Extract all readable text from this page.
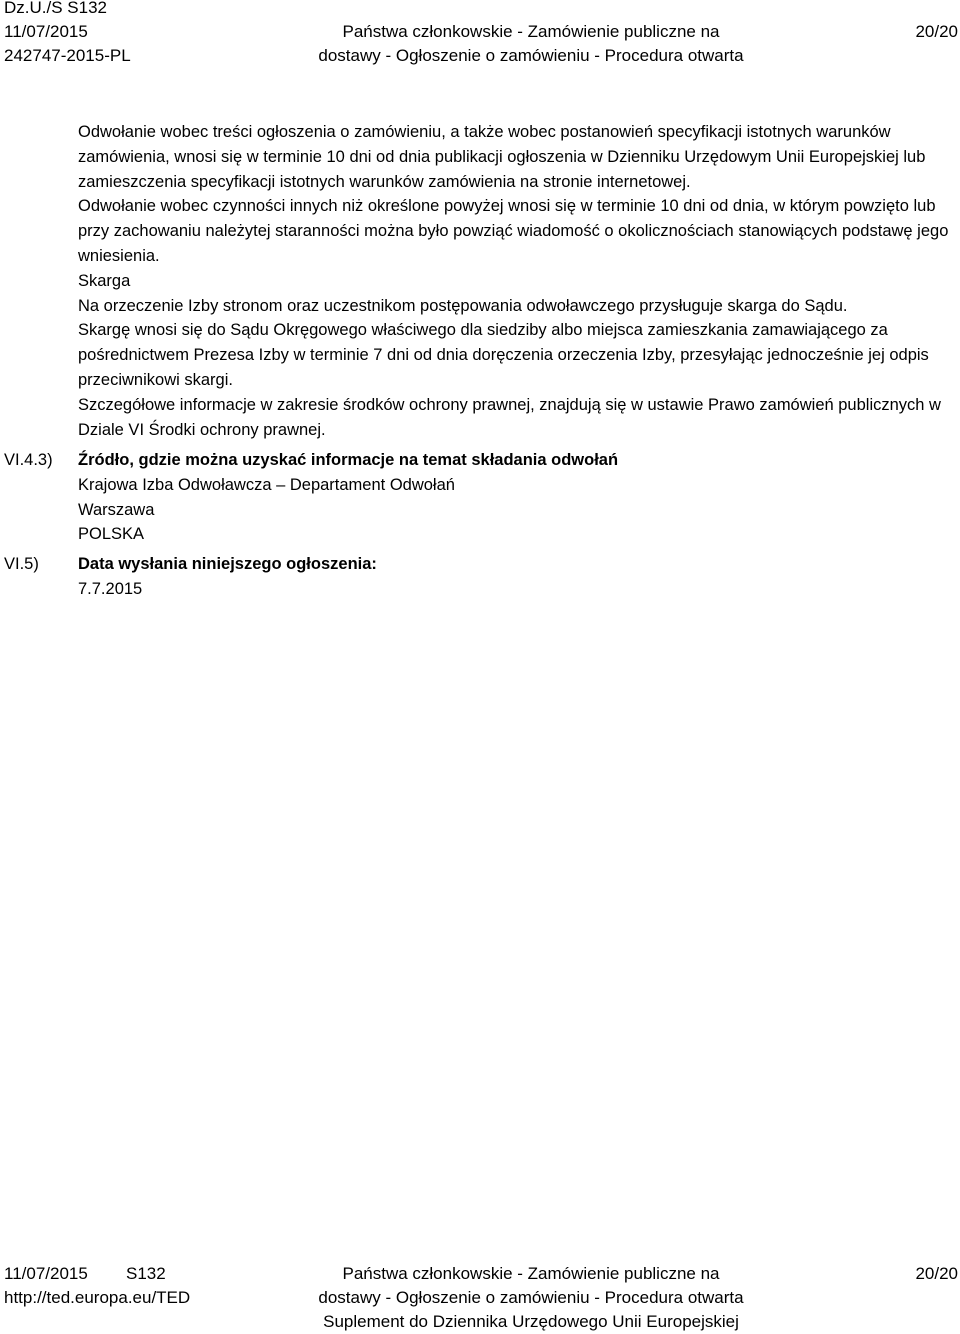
Dz.U./S S132
11/07/2015
242747-2015-PL
Państwa członkowskie - Zamówienie publiczne na
dostawy - Ogłoszenie o zamówieniu - Procedura otwarta
20/20

Odwołanie wobec treści ogłoszenia o zamówieniu, a także wobec postanowień specyfikacji istotnych warunków zamówienia, wnosi się w terminie 10 dni od dnia publikacji ogłoszenia w Dzienniku Urzędowym Unii Europejskiej lub zamieszczenia specyfikacji istotnych warunków zamówienia na stronie internetowej.

Odwołanie wobec czynności innych niż określone powyżej wnosi się w terminie 10 dni od dnia, w którym powzięto lub przy zachowaniu należytej staranności można było powziąć wiadomość o okolicznościach stanowiących podstawę jego wniesienia.

Skarga

Na orzeczenie Izby stronom oraz uczestnikom postępowania odwoławczego przysługuje skarga do Sądu.

Skargę wnosi się do Sądu Okręgowego właściwego dla siedziby albo miejsca zamieszkania zamawiającego za pośrednictwem Prezesa Izby w terminie 7 dni od dnia doręczenia orzeczenia Izby, przesyłając jednocześnie jej odpis przeciwnikowi skargi.

Szczegółowe informacje w zakresie środków ochrony prawnej, znajdują się w ustawie Prawo zamówień publicznych w Dziale VI Środki ochrony prawnej.

VI.4.3) Źródło, gdzie można uzyskać informacje na temat składania odwołań
Krajowa Izba Odwoławcza – Departament Odwołań
Warszawa
POLSKA
VI.5) Data wysłania niniejszego ogłoszenia:
7.7.2015
11/07/2015 S132
http://ted.europa.eu/TED
Państwa członkowskie - Zamówienie publiczne na
dostawy - Ogłoszenie o zamówieniu - Procedura otwarta
Suplement do Dziennika Urzędowego Unii Europejskiej
20/20
